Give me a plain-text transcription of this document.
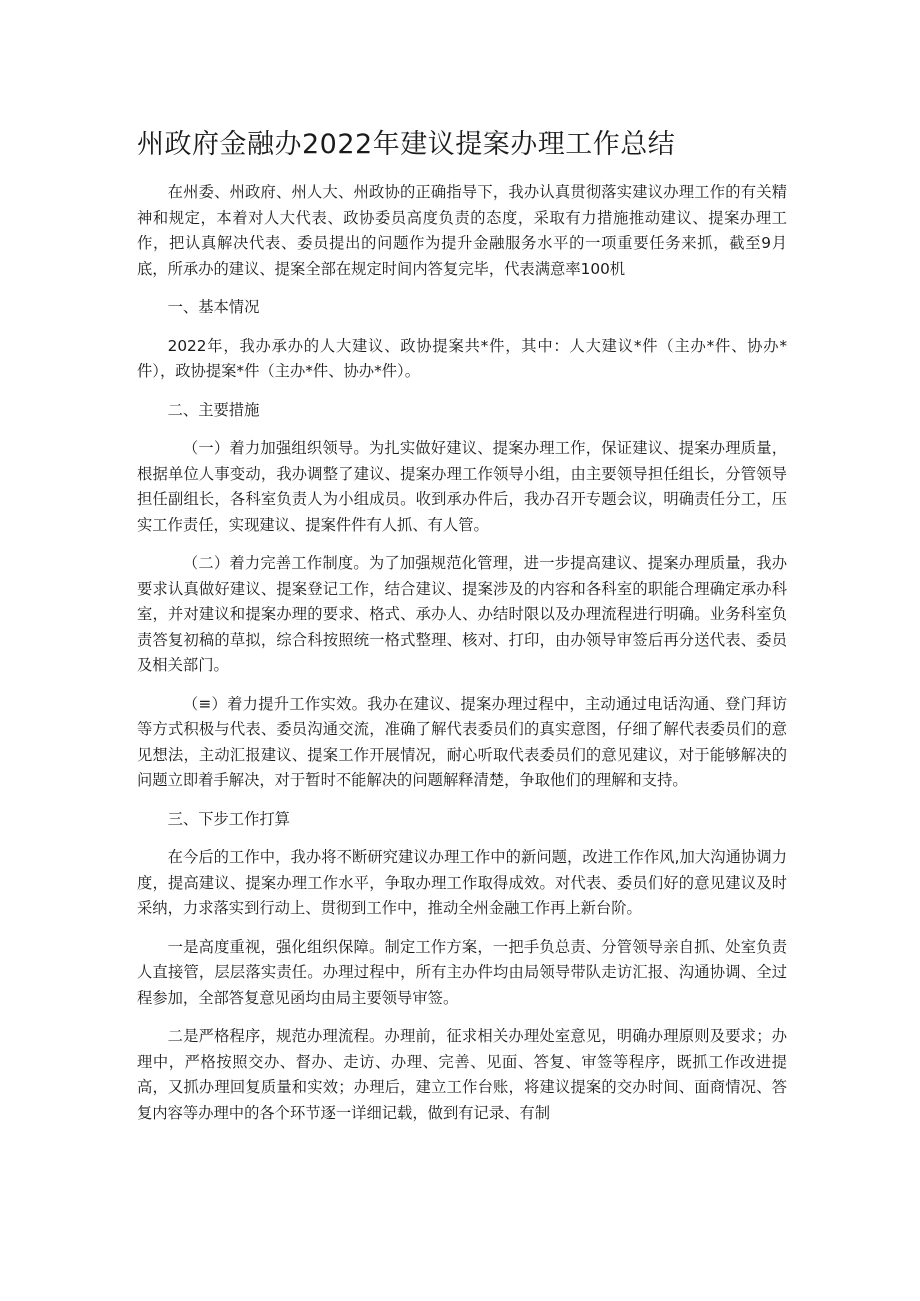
州政府金融办2022年建议提案办理工作总结

在州委、州政府、州人大、州政协的正确指导下，我办认真贯彻落实建议办理工作的有关精神和规定，本着对人大代表、政协委员高度负责的态度，采取有力措施推动建议、提案办理工作，把认真解决代表、委员提出的问题作为提升金融服务水平的一项重要任务来抓，截至9月底，所承办的建议、提案全部在规定时间内答复完毕，代表满意率100机

一、基本情况

2022年，我办承办的人大建议、政协提案共*件，其中：人大建议*件（主办*件、协办*件），政协提案*件（主办*件、协办*件）。

二、主要措施

（一）着力加强组织领导。为扎实做好建议、提案办理工作，保证建议、提案办理质量，根据单位人事变动，我办调整了建议、提案办理工作领导小组，由主要领导担任组长，分管领导担任副组长，各科室负责人为小组成员。收到承办件后，我办召开专题会议，明确责任分工，压实工作责任，实现建议、提案件件有人抓、有人管。

（二）着力完善工作制度。为了加强规范化管理，进一步提高建议、提案办理质量，我办要求认真做好建议、提案登记工作，结合建议、提案涉及的内容和各科室的职能合理确定承办科室，并对建议和提案办理的要求、格式、承办人、办结时限以及办理流程进行明确。业务科室负责答复初稿的草拟，综合科按照统一格式整理、核对、打印，由办领导审签后再分送代表、委员及相关部门。

（≡）着力提升工作实效。我办在建议、提案办理过程中，主动通过电话沟通、登门拜访等方式积极与代表、委员沟通交流，准确了解代表委员们的真实意图，仔细了解代表委员们的意见想法，主动汇报建议、提案工作开展情况，耐心听取代表委员们的意见建议，对于能够解决的问题立即着手解决，对于暂时不能解决的问题解释清楚，争取他们的理解和支持。

三、下步工作打算

在今后的工作中，我办将不断研究建议办理工作中的新问题，改进工作作风,加大沟通协调力度，提高建议、提案办理工作水平，争取办理工作取得成效。对代表、委员们好的意见建议及时采纳，力求落实到行动上、贯彻到工作中，推动全州金融工作再上新台阶。

一是高度重视，强化组织保障。制定工作方案，一把手负总责、分管领导亲自抓、处室负责人直接管，层层落实责任。办理过程中，所有主办件均由局领导带队走访汇报、沟通协调、全过程参加，全部答复意见函均由局主要领导审签。

二是严格程序，规范办理流程。办理前，征求相关办理处室意见，明确办理原则及要求；办理中，严格按照交办、督办、走访、办理、完善、见面、答复、审签等程序，既抓工作改进提高，又抓办理回复质量和实效；办理后，建立工作台账，将建议提案的交办时间、面商情况、答复内容等办理中的各个环节逐一详细记载，做到有记录、有制
